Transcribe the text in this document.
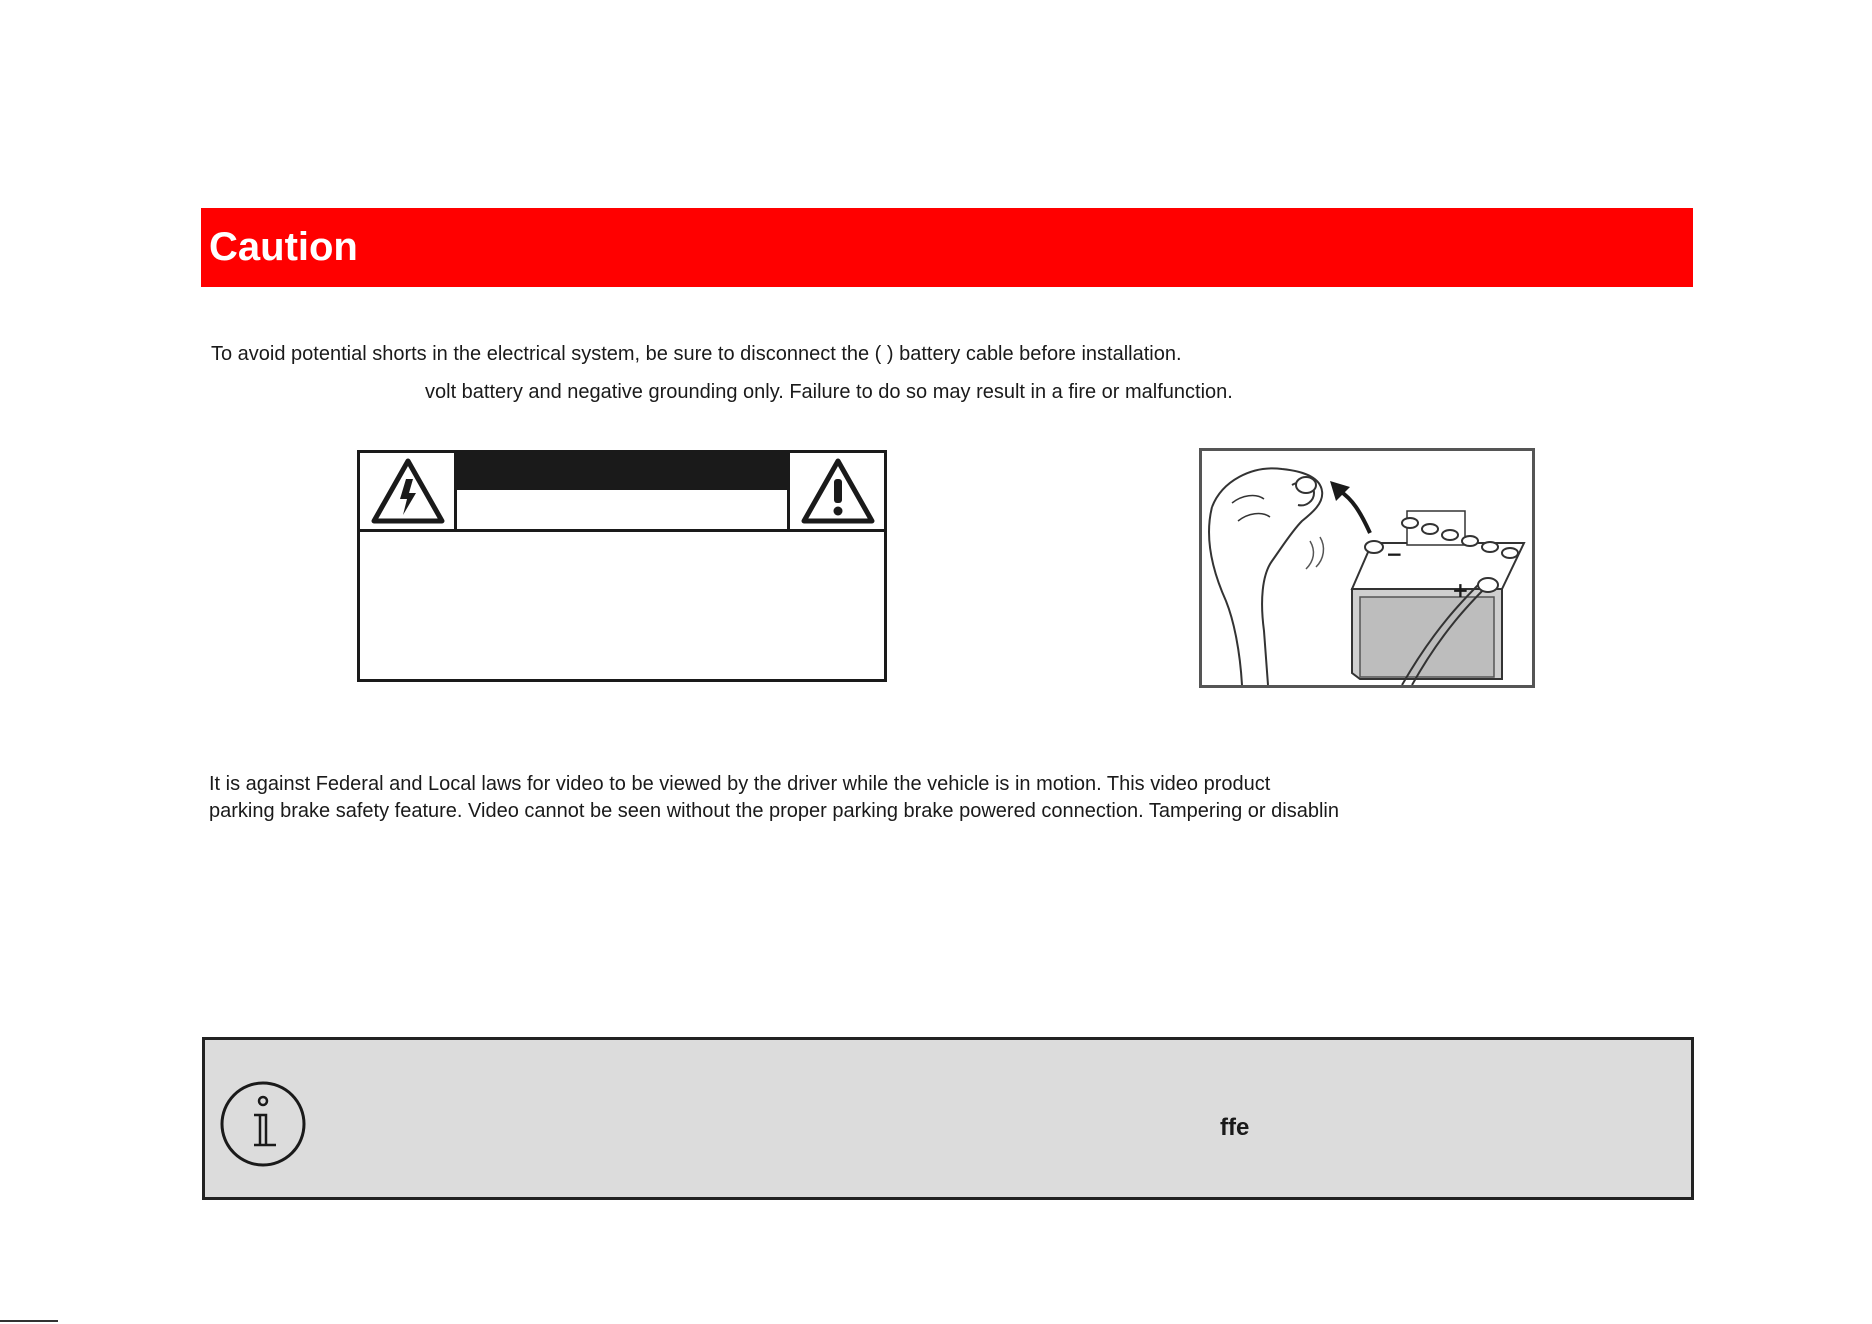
Caution
To avoid potential shorts in the electrical system, be sure to disconnect the ( ) battery cable before installation.
volt battery and negative grounding only. Failure to do so may result in a fire or malfunction.
−
+
It is against Federal and Local laws for video to be viewed by the driver while the vehicle is in motion. This video product
parking brake safety feature. Video cannot be seen without the proper parking brake powered connection. Tampering or disablin
ffe
